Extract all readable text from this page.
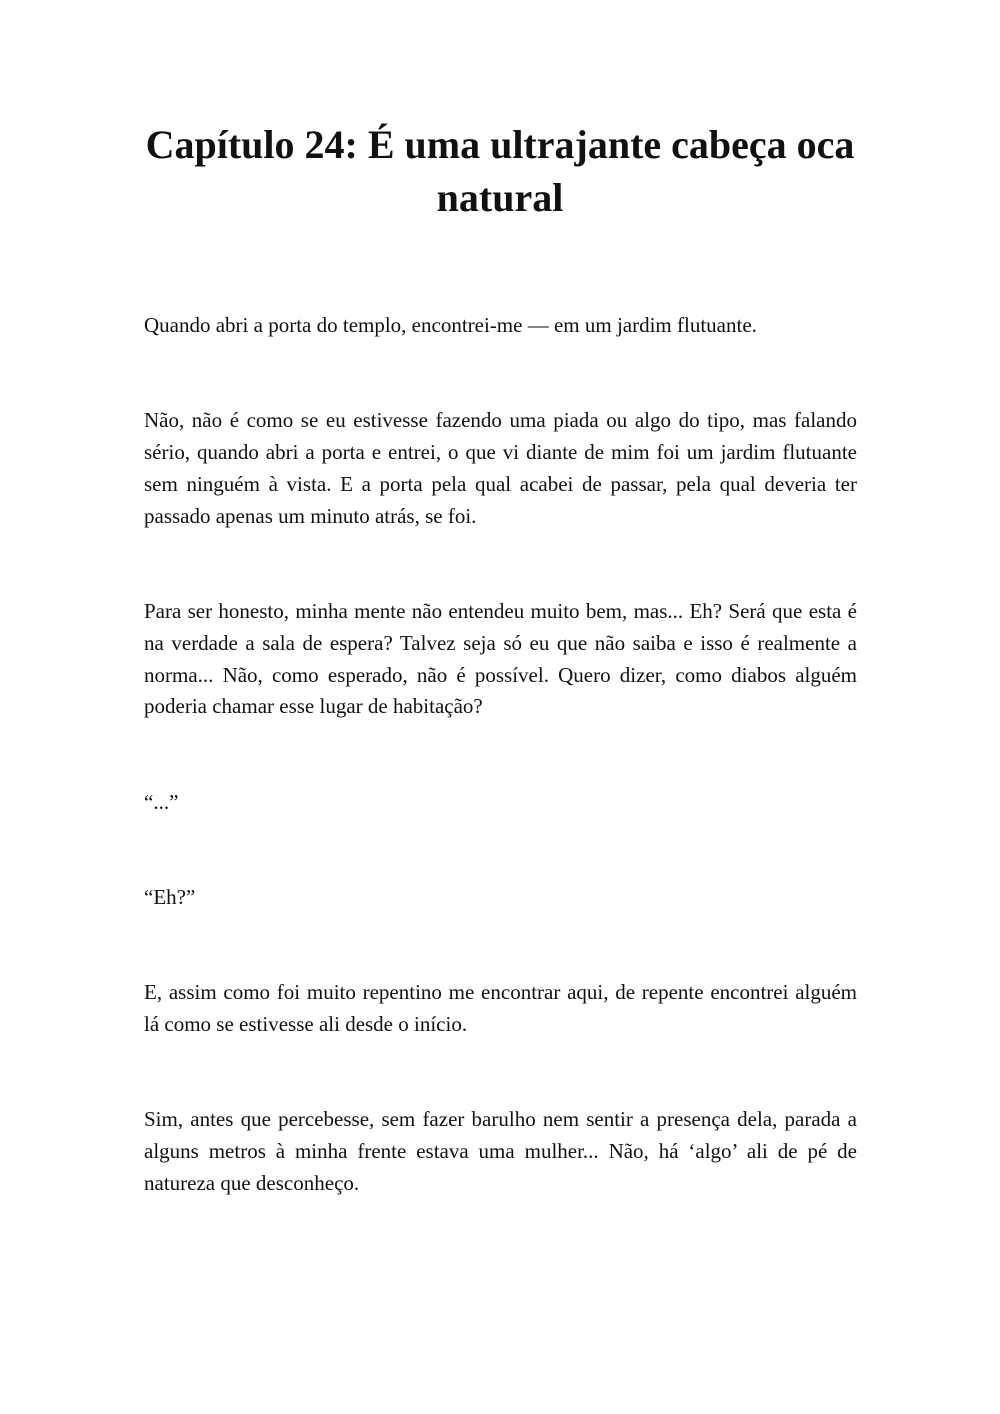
Capítulo 24: É uma ultrajante cabeça oca natural

Quando abri a porta do templo, encontrei-me — em um jardim flutuante.

Não, não é como se eu estivesse fazendo uma piada ou algo do tipo, mas falando sério, quando abri a porta e entrei, o que vi diante de mim foi um jardim flutuante sem ninguém à vista. E a porta pela qual acabei de passar, pela qual deveria ter passado apenas um minuto atrás, se foi.

Para ser honesto, minha mente não entendeu muito bem, mas... Eh? Será que esta é na verdade a sala de espera? Talvez seja só eu que não saiba e isso é realmente a norma... Não, como esperado, não é possível. Quero dizer, como diabos alguém poderia chamar esse lugar de habitação?

“...”

“Eh?”

E, assim como foi muito repentino me encontrar aqui, de repente encontrei alguém lá como se estivesse ali desde o início.

Sim, antes que percebesse, sem fazer barulho nem sentir a presença dela, parada a alguns metros à minha frente estava uma mulher... Não, há ‘algo’ ali de pé de natureza que desconheço.
